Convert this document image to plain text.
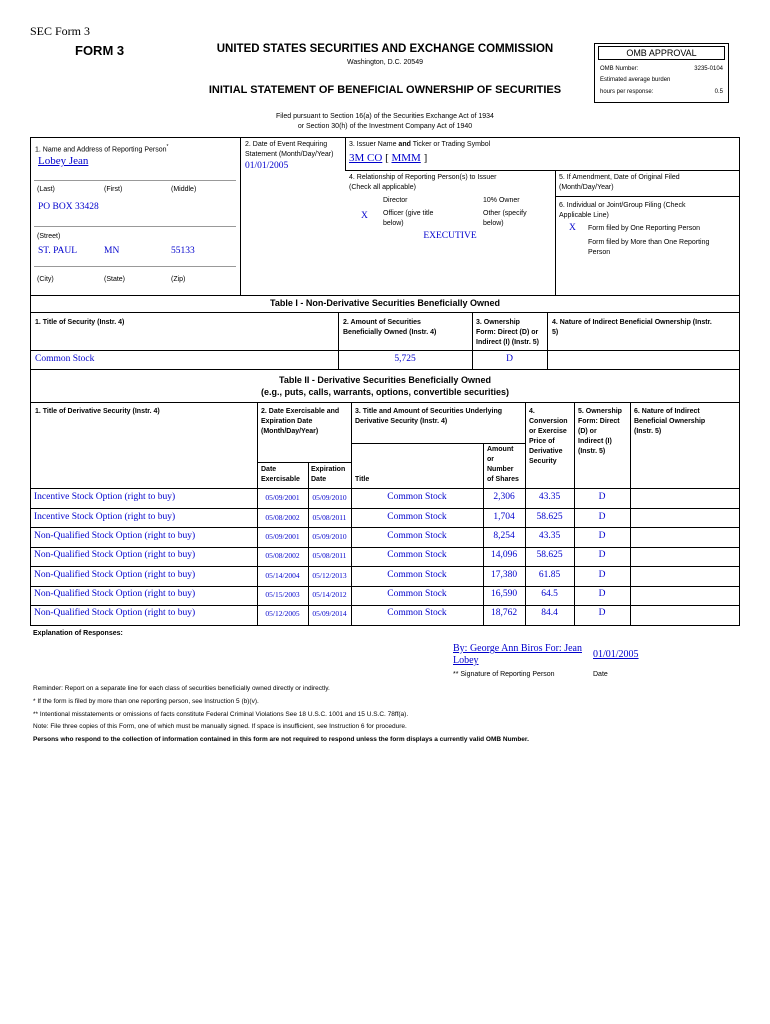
SEC Form 3
FORM 3	UNITED STATES SECURITIES AND EXCHANGE COMMISSION
Washington, D.C. 20549
INITIAL STATEMENT OF BENEFICIAL OWNERSHIP OF SECURITIES
Filed pursuant to Section 16(a) of the Securities Exchange Act of 1934
or Section 30(h) of the Investment Company Act of 1940
OMB APPROVAL
OMB Number:	3235-0104
Estimated average burden
hours per response:	0.5
1. Name and Address of Reporting Person*
Lobey Jean
(Last)	(First)	(Middle)
PO BOX 33428
(Street)
ST. PAUL	MN	55133
(City)	(State)	(Zip)
2. Date of Event Requiring
Statement (Month/Day/Year)
01/01/2005
3. Issuer Name and Ticker or Trading Symbol
3M CO [ MMM ]
4. Relationship of Reporting Person(s) to Issuer
(Check all applicable)
Director	10% Owner
X Officer (give title
below)
Other (specify
below)
EXECUTIVE
5. If Amendment, Date of Original Filed
(Month/Day/Year)
6. Individual or Joint/Group Filing (Check
Applicable Line)
X Form filed by One Reporting Person
Form filed by More than One Reporting
Person
Table I - Non-Derivative Securities Beneficially Owned
1. Title of Security (Instr. 4)	2. Amount of Securities
Beneficially Owned (Instr. 4)
3. Ownership
Form: Direct (D) or
Indirect (I) (Instr. 5)
4. Nature of Indirect Beneficial Ownership (Instr.
5)
Common Stock	5,725	D
Table II - Derivative Securities Beneficially Owned
(e.g., puts, calls, warrants, options, convertible securities)
1. Title of Derivative Security (Instr. 4)	2. Date Exercisable and
Expiration Date
(Month/Day/Year)
3. Title and Amount of Securities Underlying
Derivative Security (Instr. 4)
4.
Conversion
or Exercise
Price of
Derivative
Security
5. Ownership
Form: Direct
(D) or
Indirect (I)
(Instr. 5)
6. Nature of Indirect
Beneficial Ownership
(Instr. 5)
Date
Exercisable
Expiration
Date	Title
Amount
or
Number
of Shares
Incentive Stock Option (right to buy)	05/09/2001	05/09/2010	Common Stock	2,306	43.35	D
Incentive Stock Option (right to buy)	05/08/2002	05/08/2011	Common Stock	1,704	58.625	D
Non-Qualified Stock Option (right to buy)	05/09/2001	05/09/2010	Common Stock	8,254	43.35	D
Non-Qualified Stock Option (right to buy)	05/08/2002	05/08/2011	Common Stock	14,096	58.625	D
Non-Qualified Stock Option (right to buy)	05/14/2004	05/12/2013	Common Stock	17,380	61.85	D
Non-Qualified Stock Option (right to buy)	05/15/2003	05/14/2012	Common Stock	16,590	64.5	D
Non-Qualified Stock Option (right to buy)	05/12/2005	05/09/2014	Common Stock	18,762	84.4	D
Explanation of Responses:
By: George Ann Biros For: Jean
Lobey
01/01/2005
** Signature of Reporting Person	Date
Reminder: Report on a separate line for each class of securities beneficially owned directly or indirectly.
* If the form is filed by more than one reporting person, see Instruction 5 (b)(v).
** Intentional misstatements or omissions of facts constitute Federal Criminal Violations See 18 U.S.C. 1001 and 15 U.S.C. 78ff(a).
Note: File three copies of this Form, one of which must be manually signed. If space is insufficient, see Instruction 6 for procedure.
Persons who respond to the collection of information contained in this form are not required to respond unless the form displays a currently valid OMB Number.
